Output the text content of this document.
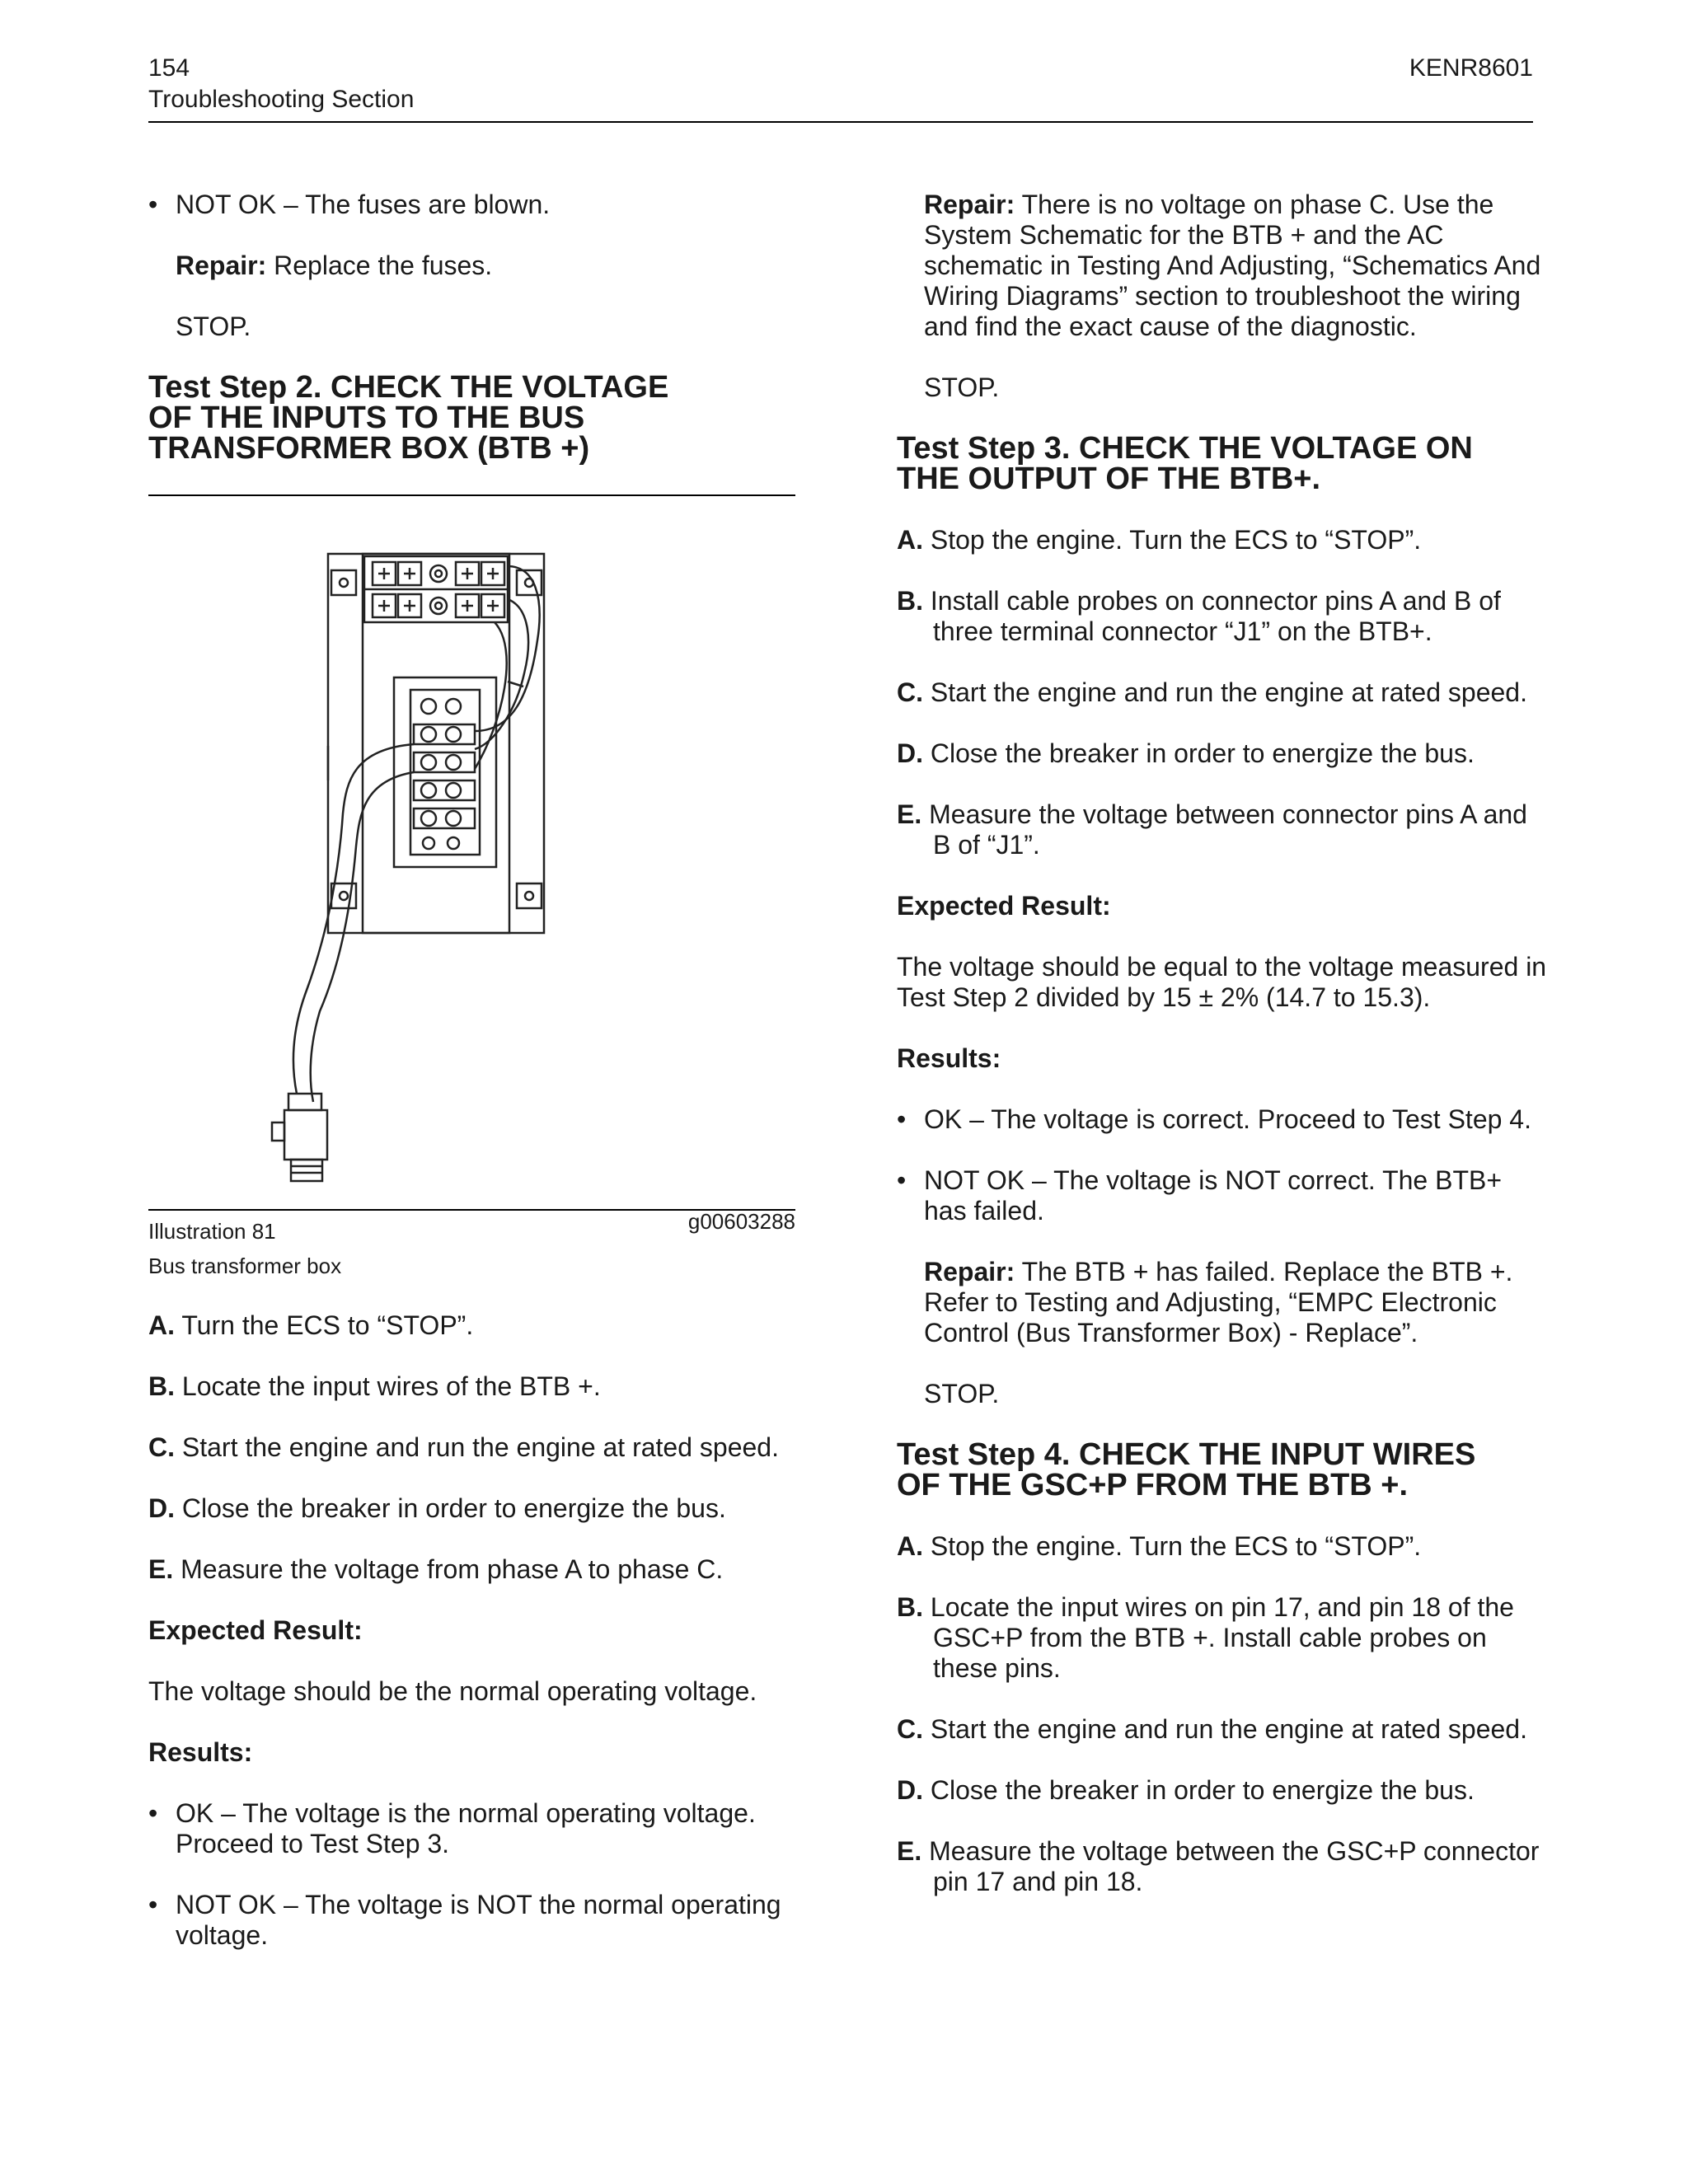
154
Troubleshooting Section
KENR8601
• NOT OK – The fuses are blown.
Repair: Replace the fuses.
STOP.
Test Step 2. CHECK THE VOLTAGE
OF THE INPUTS TO THE BUS
TRANSFORMER BOX (BTB +)
Illustration 81	g00603288
Bus transformer box
A. Turn the ECS to “STOP”.
B. Locate the input wires of the BTB +.
C. Start the engine and run the engine at rated speed.
D. Close the breaker in order to energize the bus.
E. Measure the voltage from phase A to phase C.
Expected Result:
The voltage should be the normal operating voltage.
Results:
• OK – The voltage is the normal operating voltage. Proceed to Test Step 3.
• NOT OK – The voltage is NOT the normal operating voltage.
Repair: There is no voltage on phase C. Use the System Schematic for the BTB + and the AC schematic in Testing And Adjusting, “Schematics And Wiring Diagrams” section to troubleshoot the wiring and find the exact cause of the diagnostic.
STOP.
Test Step 3. CHECK THE VOLTAGE ON
THE OUTPUT OF THE BTB+.
A. Stop the engine. Turn the ECS to “STOP”.
B. Install cable probes on connector pins A and B of three terminal connector “J1” on the BTB+.
C. Start the engine and run the engine at rated speed.
D. Close the breaker in order to energize the bus.
E. Measure the voltage between connector pins A and B of “J1”.
Expected Result:
The voltage should be equal to the voltage measured in Test Step 2 divided by 15 ± 2% (14.7 to 15.3).
Results:
• OK – The voltage is correct. Proceed to Test Step 4.
• NOT OK – The voltage is NOT correct. The BTB+ has failed.
Repair: The BTB + has failed. Replace the BTB +. Refer to Testing and Adjusting, “EMPC Electronic Control (Bus Transformer Box) - Replace”.
STOP.
Test Step 4. CHECK THE INPUT WIRES
OF THE GSC+P FROM THE BTB +.
A. Stop the engine. Turn the ECS to “STOP”.
B. Locate the input wires on pin 17, and pin 18 of the GSC+P from the BTB +. Install cable probes on these pins.
C. Start the engine and run the engine at rated speed.
D. Close the breaker in order to energize the bus.
E. Measure the voltage between the GSC+P connector pin 17 and pin 18.
